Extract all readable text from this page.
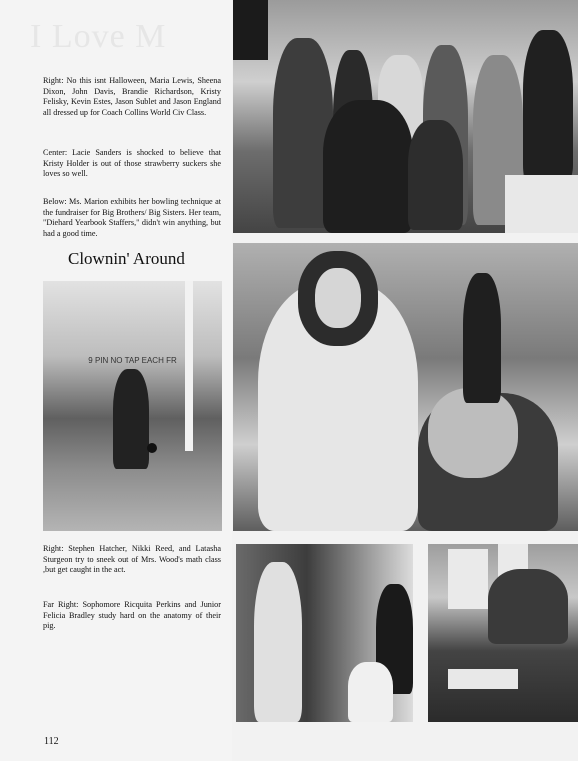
I Love M
Right: No this isnt Halloween, Maria Lewis, Sheena Dixon, John Davis, Brandie Richardson, Kristy Felisky, Kevin Estes, Jason Sublet and Jason England all dressed up for Coach Collins World Civ Class.
Center: Lacie Sanders is shocked to believe that Kristy Holder is out of those strawberry suckers she loves so well.
Below: Ms. Marion exhibits her bowling technique at the fundraiser for Big Brothers/ Big Sisters. Her team, "Diehard Yearbook Staffers," didn't win anything, but had a good time.
Clownin' Around
Right: Stephen Hatcher, Nikki Reed, and Latasha Sturgeon try to sneek out of Mrs. Wood's math class ,but get caught in the act.
Far Right: Sophomore Ricquita Perkins and Junior Felicia Bradley study hard on the anatomy of their pig.
112
9 PIN NO TAP EACH FR
